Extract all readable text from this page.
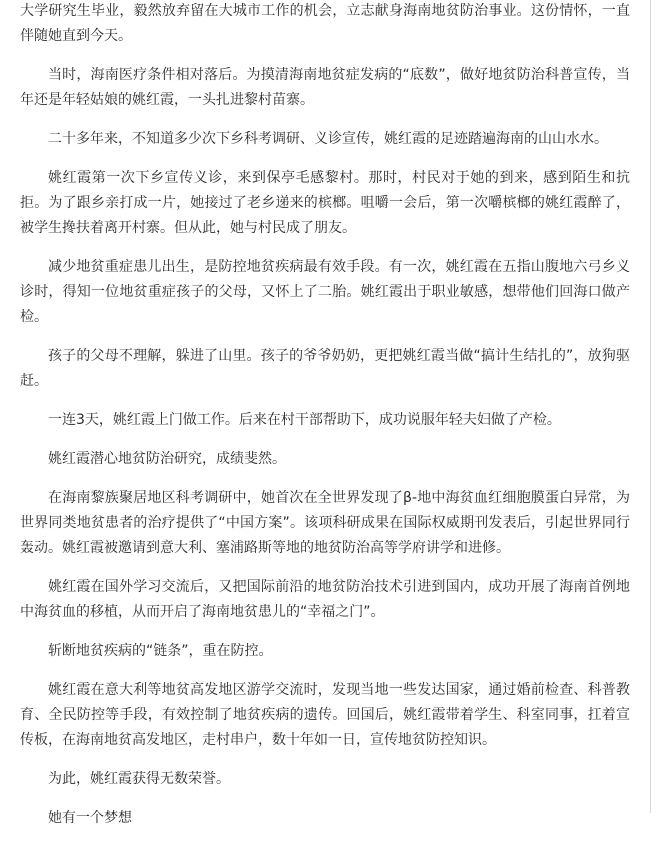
大学研究生毕业，毅然放弃留在大城市工作的机会，立志献身海南地贫防治事业。这份情怀，一直伴随她直到今天。

当时，海南医疗条件相对落后。为摸清海南地贫症发病的“底数”，做好地贫防治科普宣传，当年还是年轻姑娘的姚红霞，一头扎进黎村苗寨。

二十多年来，不知道多少次下乡科考调研、义诊宣传，姚红霞的足迹踏遍海南的山山水水。

姚红霞第一次下乡宣传义诊，来到保亭毛感黎村。那时，村民对于她的到来，感到陌生和抗拒。为了跟乡亲打成一片，她接过了老乡递来的槟榔。咀嚼一会后，第一次嚼槟榔的姚红霞醉了，被学生搀扶着离开村寨。但从此，她与村民成了朋友。

减少地贫重症患儿出生，是防控地贫疾病最有效手段。有一次，姚红霞在五指山腹地六弓乡义诊时，得知一位地贫重症孩子的父母，又怀上了二胎。姚红霞出于职业敏感，想带他们回海口做产检。

孩子的父母不理解，躲进了山里。孩子的爷爷奶奶，更把姚红霞当做“搞计生结扎的”，放狗驱赶。

一连3天，姚红霞上门做工作。后来在村干部帮助下，成功说服年轻夫妇做了产检。

姚红霞潜心地贫防治研究，成绩斐然。

在海南黎族聚居地区科考调研中，她首次在全世界发现了β-地中海贫血红细胞膜蛋白异常，为世界同类地贫患者的治疗提供了“中国方案”。该项科研成果在国际权威期刊发表后，引起世界同行轰动。姚红霞被邀请到意大利、塞浦路斯等地的地贫防治高等学府讲学和进修。

姚红霞在国外学习交流后，又把国际前沿的地贫防治技术引进到国内，成功开展了海南首例地中海贫血的移植，从而开启了海南地贫患儿的“幸福之门”。

斩断地贫疾病的“链条”，重在防控。

姚红霞在意大利等地贫高发地区游学交流时，发现当地一些发达国家，通过婚前检查、科普教育、全民防控等手段，有效控制了地贫疾病的遗传。回国后，姚红霞带着学生、科室同事，扛着宣传板，在海南地贫高发地区，走村串户，数十年如一日，宣传地贫防控知识。

为此，姚红霞获得无数荣誉。

她有一个梦想
